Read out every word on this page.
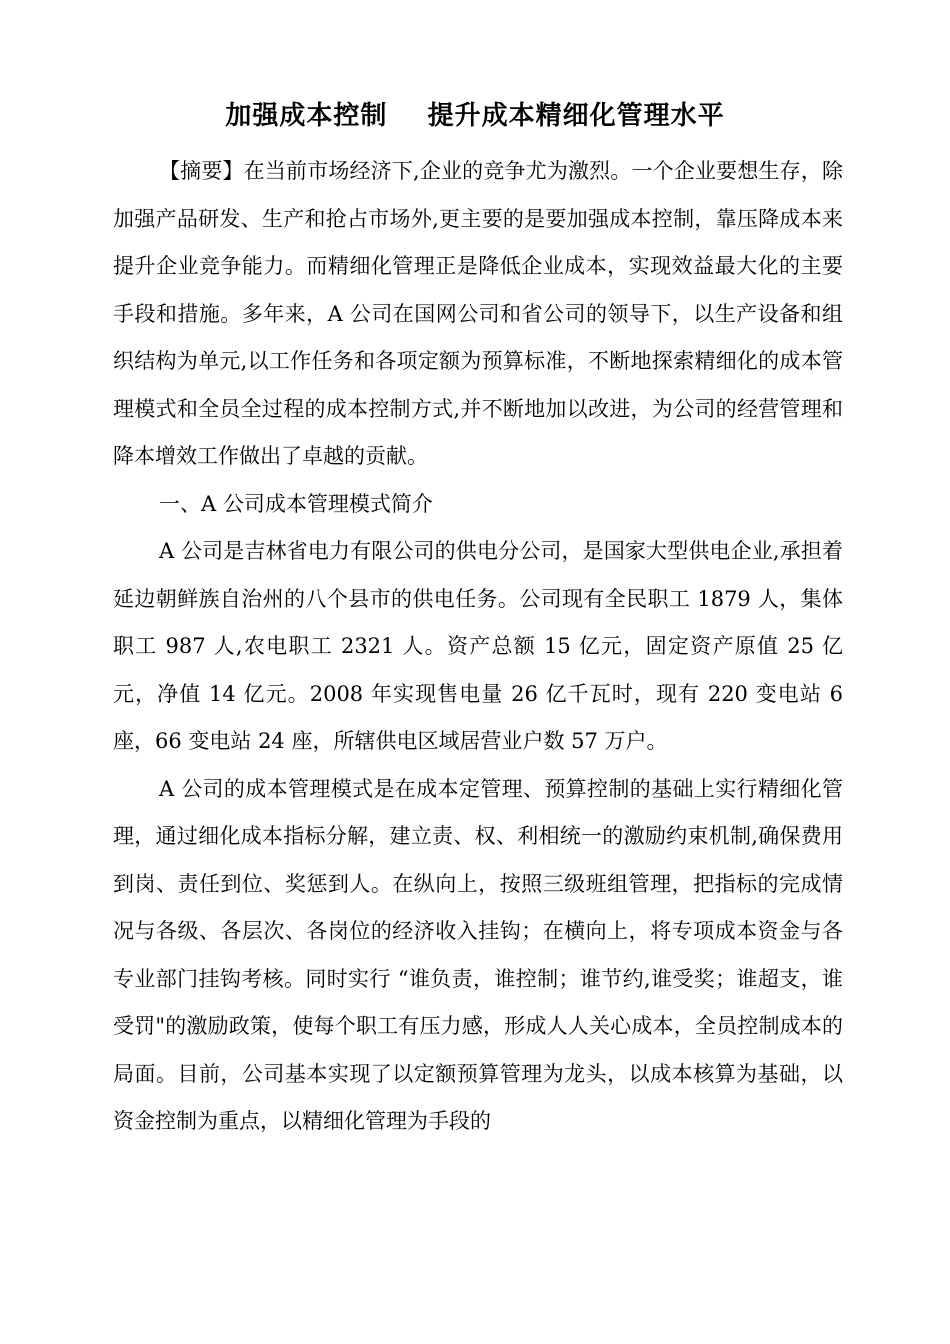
加强成本控制    提升成本精细化管理水平

【摘要】在当前市场经济下,企业的竞争尤为激烈。一个企业要想生存，除加强产品研发、生产和抢占市场外,更主要的是要加强成本控制，靠压降成本来提升企业竞争能力。而精细化管理正是降低企业成本，实现效益最大化的主要手段和措施。多年来，A 公司在国网公司和省公司的领导下，以生产设备和组织结构为单元,以工作任务和各项定额为预算标准，不断地探索精细化的成本管理模式和全员全过程的成本控制方式,并不断地加以改进，为公司的经营管理和降本增效工作做出了卓越的贡献。

一、A 公司成本管理模式简介

A 公司是吉林省电力有限公司的供电分公司，是国家大型供电企业,承担着延边朝鲜族自治州的八个县市的供电任务。公司现有全民职工 1879 人，集体职工 987 人,农电职工 2321 人。资产总额 15 亿元，固定资产原值 25 亿元，净值 14 亿元。2008 年实现售电量 26 亿千瓦时，现有 220 变电站 6 座，66 变电站 24 座，所辖供电区域居营业户数 57 万户。

A 公司的成本管理模式是在成本定管理、预算控制的基础上实行精细化管理，通过细化成本指标分解，建立责、权、利相统一的激励约束机制,确保费用到岗、责任到位、奖惩到人。在纵向上，按照三级班组管理，把指标的完成情况与各级、各层次、各岗位的经济收入挂钩；在横向上，将专项成本资金与各专业部门挂钩考核。同时实行 “谁负责，谁控制；谁节约,谁受奖；谁超支，谁受罚"的激励政策，使每个职工有压力感，形成人人关心成本，全员控制成本的局面。目前，公司基本实现了以定额预算管理为龙头，以成本核算为基础，以资金控制为重点，以精细化管理为手段的
